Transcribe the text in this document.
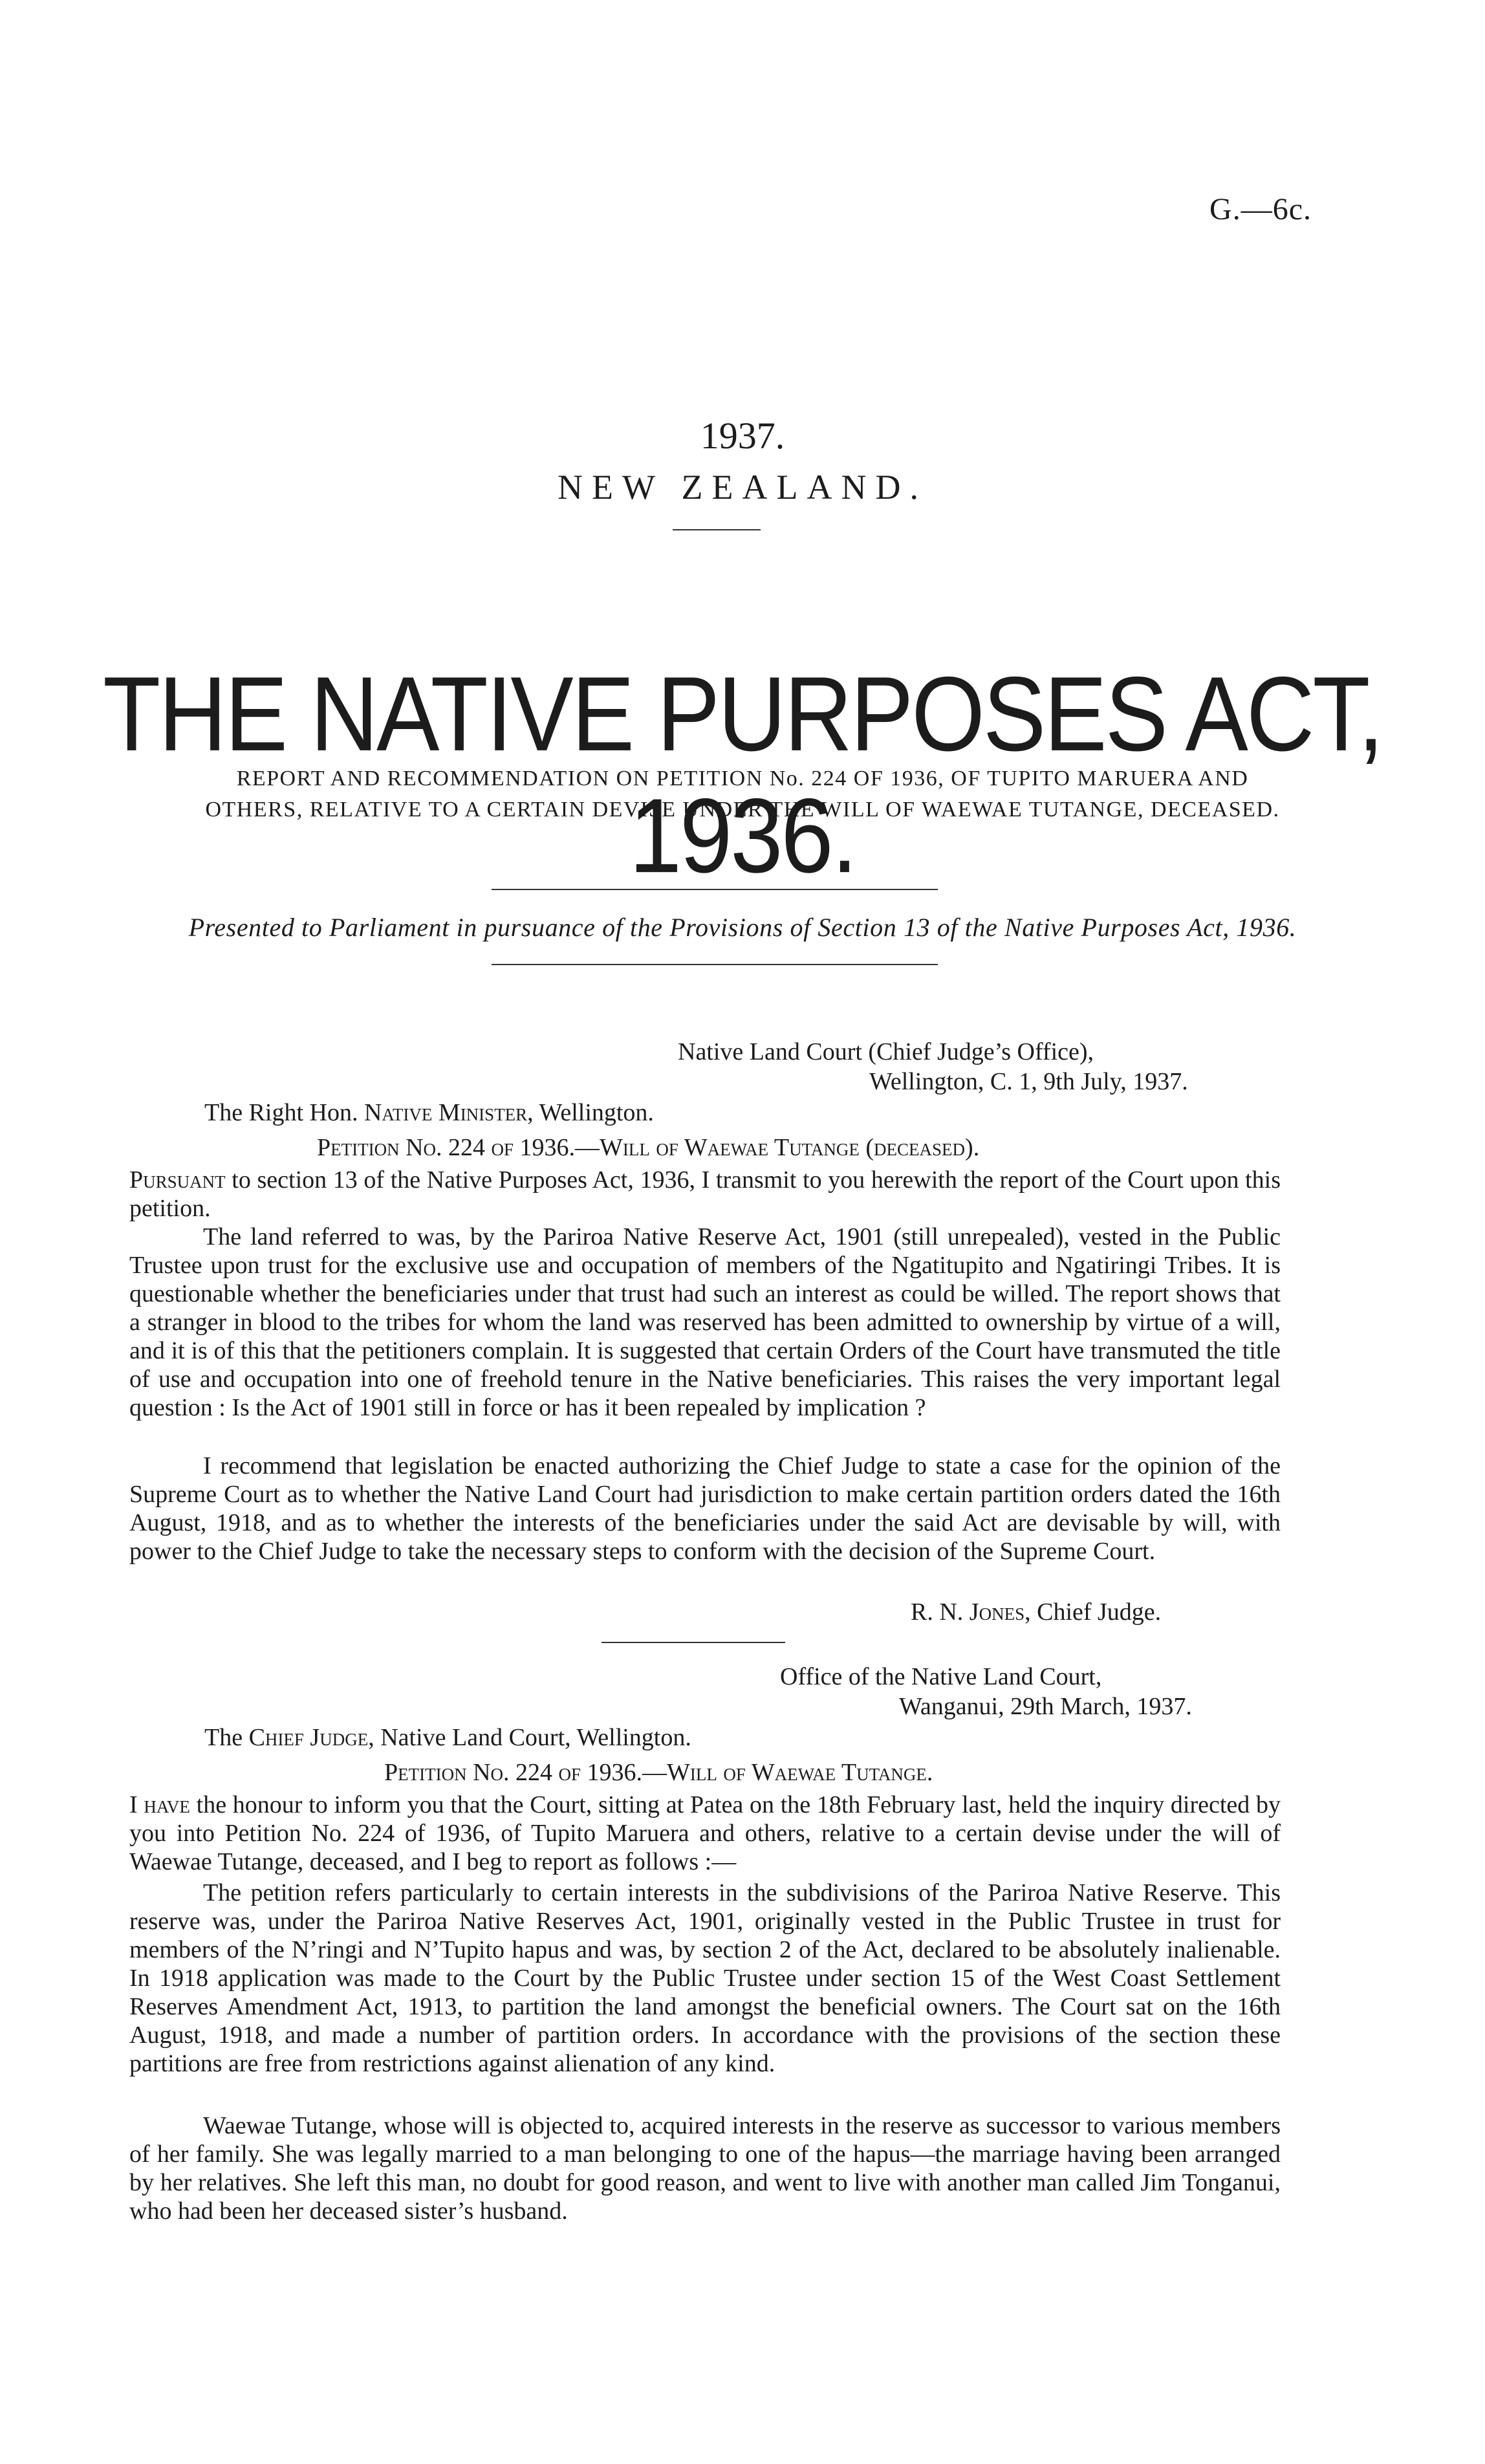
G.—6c.
1937.
NEW ZEALAND.
THE NATIVE PURPOSES ACT, 1936.
REPORT AND RECOMMENDATION ON PETITION No. 224 OF 1936, OF TUPITO MARUERA AND
OTHERS, RELATIVE TO A CERTAIN DEVISE UNDER THE WILL OF WAEWAE TUTANGE, DECEASED.
Presented to Parliament in pursuance of the Provisions of Section 13 of the Native Purposes Act, 1936.
Native Land Court (Chief Judge’s Office),
Wellington, C. 1, 9th July, 1937.
The Right Hon. Native Minister, Wellington.
Petition No. 224 of 1936.—Will of Waewae Tutange (deceased).
Pursuant to section 13 of the Native Purposes Act, 1936, I transmit to you herewith the report of the Court upon this petition.
The land referred to was, by the Pariroa Native Reserve Act, 1901 (still unrepealed), vested in the Public Trustee upon trust for the exclusive use and occupation of members of the Ngatitupito and Ngatiringi Tribes. It is questionable whether the beneficiaries under that trust had such an interest as could be willed. The report shows that a stranger in blood to the tribes for whom the land was reserved has been admitted to ownership by virtue of a will, and it is of this that the petitioners complain. It is suggested that certain Orders of the Court have transmuted the title of use and occupation into one of freehold tenure in the Native beneficiaries. This raises the very important legal question : Is the Act of 1901 still in force or has it been repealed by implication ?
I recommend that legislation be enacted authorizing the Chief Judge to state a case for the opinion of the Supreme Court as to whether the Native Land Court had jurisdiction to make certain partition orders dated the 16th August, 1918, and as to whether the interests of the beneficiaries under the said Act are devisable by will, with power to the Chief Judge to take the necessary steps to conform with the decision of the Supreme Court.
R. N. Jones, Chief Judge.
Office of the Native Land Court,
Wanganui, 29th March, 1937.
The Chief Judge, Native Land Court, Wellington.
Petition No. 224 of 1936.—Will of Waewae Tutange.
I have the honour to inform you that the Court, sitting at Patea on the 18th February last, held the inquiry directed by you into Petition No. 224 of 1936, of Tupito Maruera and others, relative to a certain devise under the will of Waewae Tutange, deceased, and I beg to report as follows :—
The petition refers particularly to certain interests in the subdivisions of the Pariroa Native Reserve. This reserve was, under the Pariroa Native Reserves Act, 1901, originally vested in the Public Trustee in trust for members of the N’ringi and N’Tupito hapus and was, by section 2 of the Act, declared to be absolutely inalienable. In 1918 application was made to the Court by the Public Trustee under section 15 of the West Coast Settlement Reserves Amendment Act, 1913, to partition the land amongst the beneficial owners. The Court sat on the 16th August, 1918, and made a number of partition orders. In accordance with the provisions of the section these partitions are free from restrictions against alienation of any kind.
Waewae Tutange, whose will is objected to, acquired interests in the reserve as successor to various members of her family. She was legally married to a man belonging to one of the hapus—the marriage having been arranged by her relatives. She left this man, no doubt for good reason, and went to live with another man called Jim Tonganui, who had been her deceased sister’s husband.
